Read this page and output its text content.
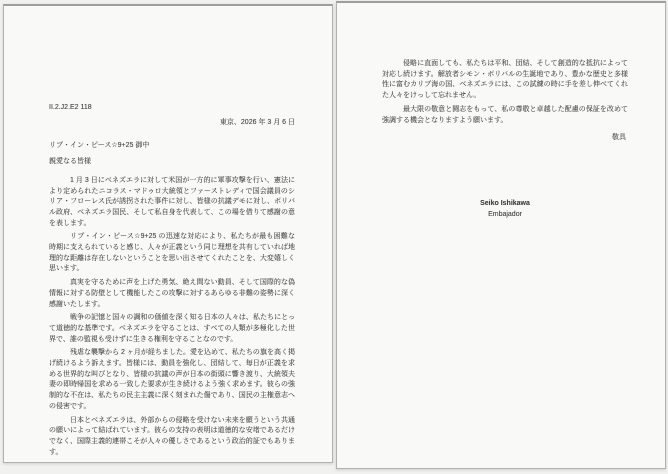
II.2.J2.E2 118
東京、2026 年 3 月 6 日
リブ・イン・ピース☆9+25 御中
親愛なる皆様

1 月 3 日にベネズエラに対して米国が一方的に軍事攻撃を行い、憲法により定められたニコラス・マドゥロ大統領とファーストレディで国会議員のシリア・フローレス氏が誘拐された事件に対し、皆様の抗議デモに対し、ボリバル政府、ベネズエラ国民、そして私自身を代表して、この場を借りて感謝の意を表します。

リブ・イン・ピース☆9+25 の迅速な対応により、私たちが最も困難な時期に支えられていると感じ、人々が正義という同じ理想を共有していれば地理的な距離は存在しないということを思い出させてくれたことを、大変嬉しく思います。

真実を守るために声を上げた勇気、絶え間ない動員、そして国際的な偽情報に対する防壁として機能したこの攻撃に対するあらゆる非難の姿勢に深く感謝いたします。

戦争の記憶と国々の調和の価値を深く知る日本の人々は、私たちにとって道徳的な基準です。ベネズエラを守ることは、すべての人類が多極化した世界で、誰の監視も受けずに生きる権利を守ることなのです。

残虐な襲撃から 2 ヶ月が経ちました。愛を込めて、私たちの旗を高く掲げ続けるよう訴えます。皆様には、動員を強化し、団結して、毎日が正義を求める世界的な叫びとなり、皆様の抗議の声が日本の街頭に響き渡り、大統領夫妻の即時帰国を求める一致した要求が生き続けるよう強く求めます。彼らの強制的な不在は、私たちの民主主義に深く刻まれた傷であり、国民の主権意志への侵害です。

日本とベネズエラは、外部からの侵略を受けない未来を願うという共通の願いによって結ばれています。彼らの支持の表明は道徳的な安堵であるだけでなく、国際主義的連帯こそが人々の優しさであるという政治的証でもあります。

侵略に直面しても、私たちは平和、団結、そして創造的な抵抗によって対応し続けます。解放者シモン・ボリバルの生誕地であり、豊かな歴史と多様性に富むカリブ海の国、ベネズエラには、この試練の時に手を差し伸べてくれた人々をけっして忘れません。

最大限の敬意と闘志をもって、私の尊敬と卓越した配慮の保証を改めて強調する機会となりますよう願います。

敬具
Seiko Ishikawa
Embajador
